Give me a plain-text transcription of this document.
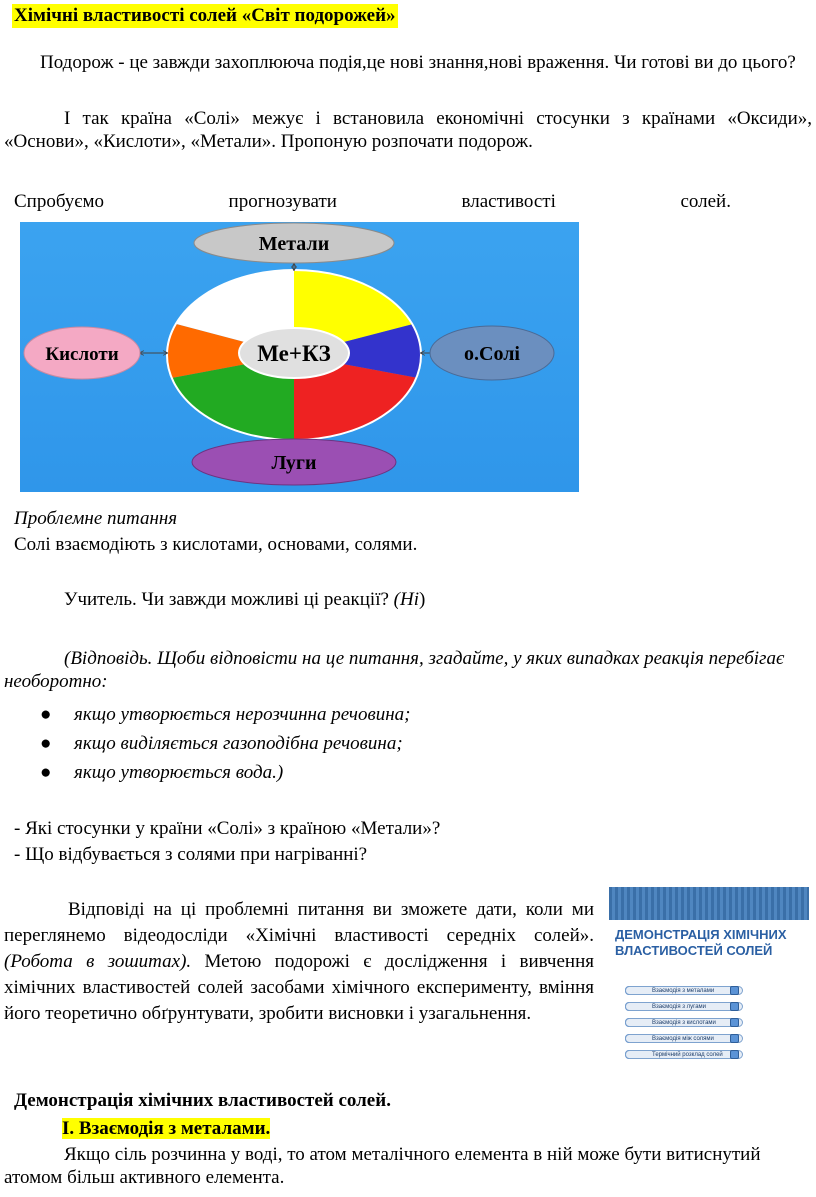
Хімічні властивості солей «Світ подорожей»
Подорож - це завжди захоплююча подія,це нові знання,нові враження. Чи готові ви до цього?
І так країна «Солі» межує і встановила економічні стосунки з країнами «Оксиди», «Основи», «Кислоти», «Метали». Пропоную розпочати подорож.
Спробуємо	прогнозувати	властивості	солей.
Ме+КЗ
Метали
Кислоти	о.Солі
Луги
Проблемне питання
Солі взаємодіють з кислотами, основами, солями.
Учитель. Чи завжди можливі ці реакції? (Ні)
(Відповідь. Щоби відповісти на це питання, згадайте, у яких випадках реакція перебігає необоротно:
● якщо утворюється нерозчинна речовина;
● якщо виділяється газоподібна речовина;
● якщо утворюється вода.)
- Які стосунки у країни «Солі» з країною «Метали»?
- Що відбувається з солями при нагріванні?
Відповіді на ці проблемні питання ви зможете дати, коли ми переглянемо відеодосліди «Хімічні властивості середніх солей». (Робота в зошитах). Метою подорожі є дослідження і вивчення хімічних властивостей солей засобами хімічного експерименту, вміння його теоретично обґрунтувати, зробити висновки і узагальнення.
ДЕМОНСТРАЦІЯ ХІМІЧНИХ ВЛАСТИВОСТЕЙ СОЛЕЙ
Взаємодія з металами
Взаємодія з лугами
Взаємодія з кислотами
Взаємодія між солями
Термічний розклад солей
Демонстрація хімічних властивостей солей.
І. Взаємодія з металами.
Якщо сіль розчинна у воді, то атом металічного елемента в ній може бути витиснутий атомом більш активного елемента.
